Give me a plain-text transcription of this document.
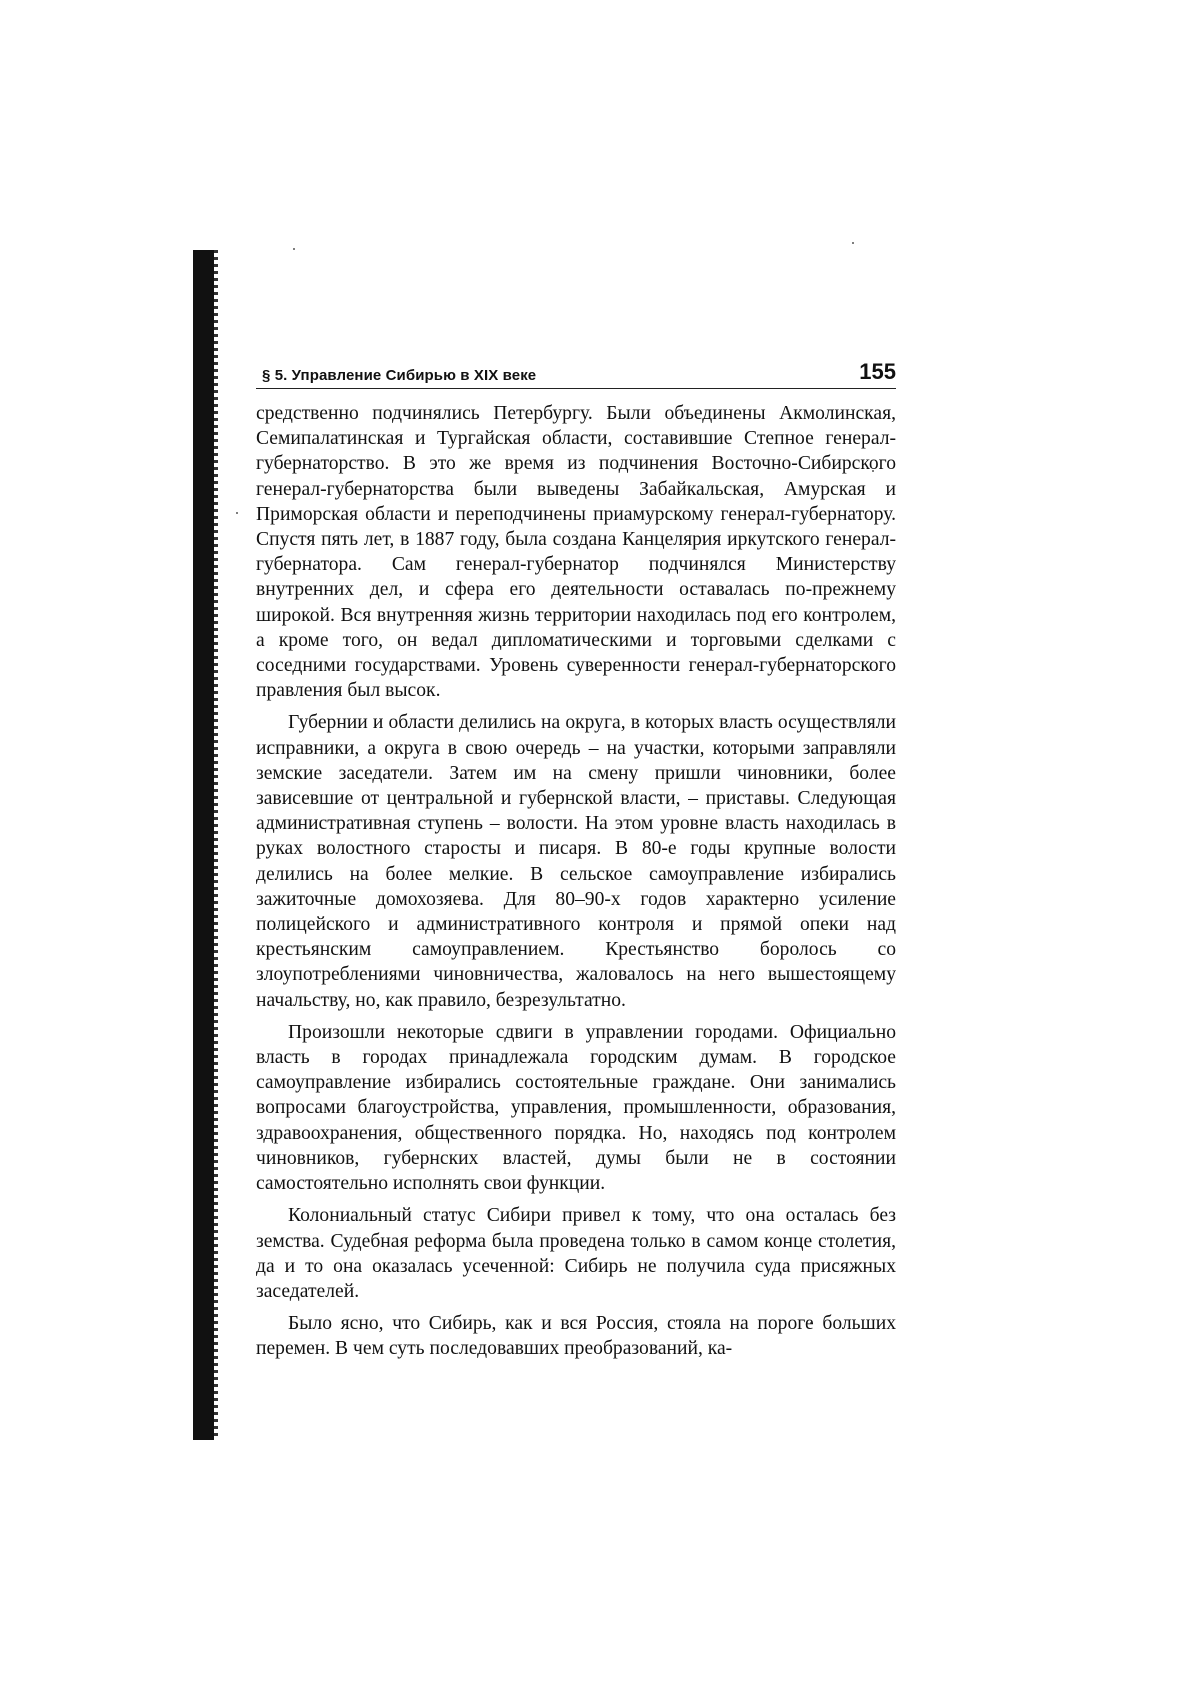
§ 5. Управление Сибирью в XIX веке	155

средственно подчинялись Петербургу. Были объединены Акмолинская, Семипалатинская и Тургайская области, составившие Степное генерал-губернаторство. В это же время из подчинения Восточно-Сибирского генерал-губернаторства были выведены Забайкальская, Амурская и Приморская области и переподчинены приамурскому генерал-губернатору. Спустя пять лет, в 1887 году, была создана Канцелярия иркутского генерал-губернатора. Сам генерал-губернатор подчинялся Министерству внутренних дел, и сфера его деятельности оставалась по-прежнему широкой. Вся внутренняя жизнь территории находилась под его контролем, а кроме того, он ведал дипломатическими и торговыми сделками с соседними государствами. Уровень суверенности генерал-губернаторского правления был высок.

Губернии и области делились на округа, в которых власть осуществляли исправники, а округа в свою очередь – на участки, которыми заправляли земские заседатели. Затем им на смену пришли чиновники, более зависевшие от центральной и губернской власти, – приставы. Следующая административная ступень – волости. На этом уровне власть находилась в руках волостного старосты и писаря. В 80-е годы крупные волости делились на более мелкие. В сельское самоуправление избирались зажиточные домохозяева. Для 80–90-х годов характерно усиление полицейского и административного контроля и прямой опеки над крестьянским самоуправлением. Крестьянство боролось со злоупотреблениями чиновничества, жаловалось на него вышестоящему начальству, но, как правило, безрезультатно.

Произошли некоторые сдвиги в управлении городами. Официально власть в городах принадлежала городским думам. В городское самоуправление избирались состоятельные граждане. Они занимались вопросами благоустройства, управления, промышленности, образования, здравоохранения, общественного порядка. Но, находясь под контролем чиновников, губернских властей, думы были не в состоянии самостоятельно исполнять свои функции.

Колониальный статус Сибири привел к тому, что она осталась без земства. Судебная реформа была проведена только в самом конце столетия, да и то она оказалась усеченной: Сибирь не получила суда присяжных заседателей.

Было ясно, что Сибирь, как и вся Россия, стояла на пороге больших перемен. В чем суть последовавших преобразований, ка-
